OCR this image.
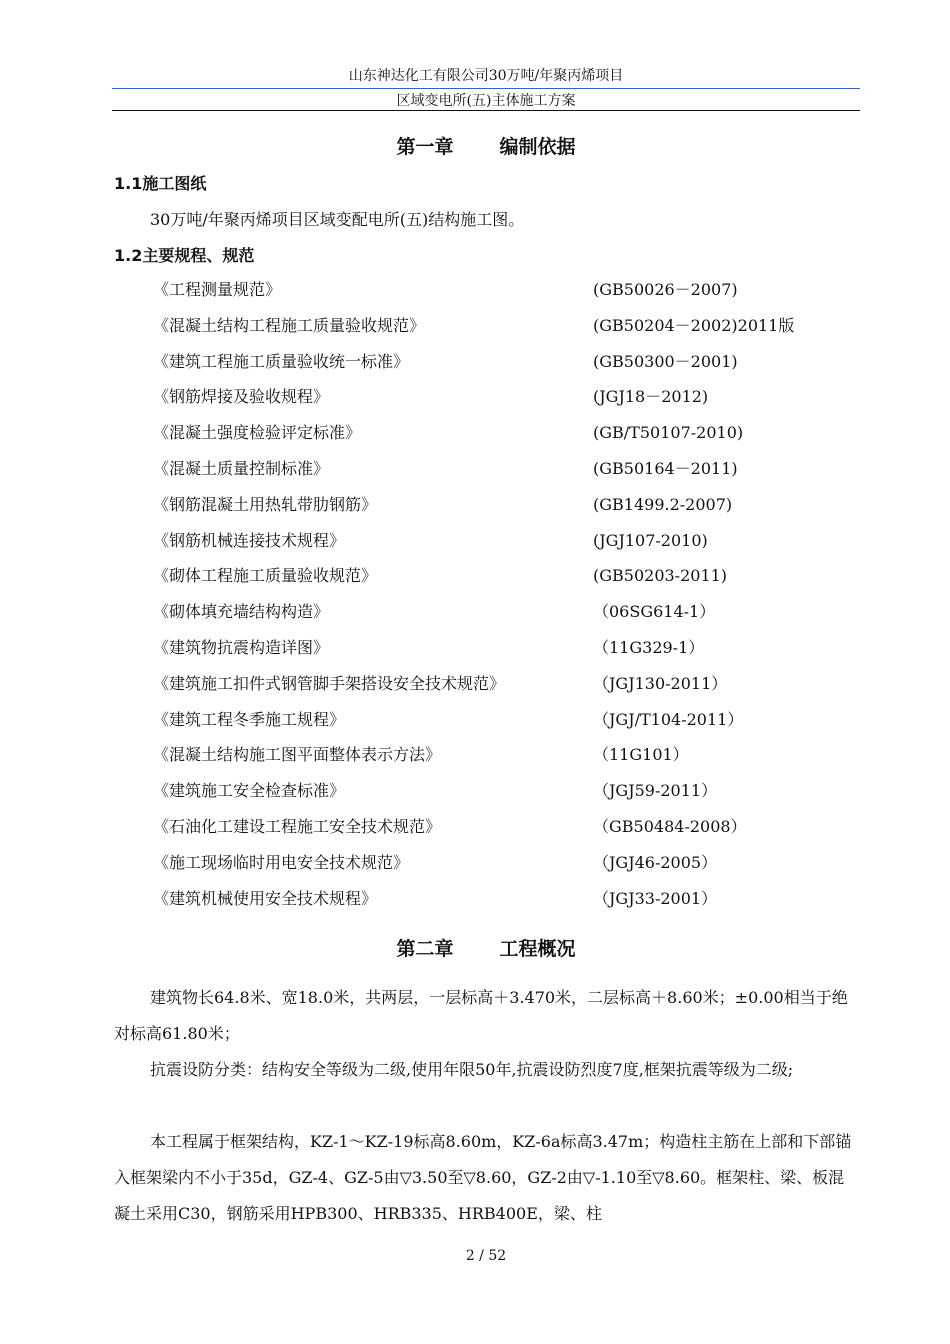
山东神达化工有限公司30万吨/年聚丙烯项目
区域变电所(五)主体施工方案
第一章 编制依据
1.1施工图纸
30万吨/年聚丙烯项目区域变配电所(五)结构施工图。
1.2主要规程、规范
《工程测量规范》	(GB50026－2007)
《混凝土结构工程施工质量验收规范》	(GB50204－2002)2011版
《建筑工程施工质量验收统一标准》	(GB50300－2001)
《钢筋焊接及验收规程》	(JGJ18－2012)
《混凝土强度检验评定标准》	(GB/T50107-2010)
《混凝土质量控制标准》	(GB50164－2011)
《钢筋混凝土用热轧带肋钢筋》	(GB1499.2-2007)
《钢筋机械连接技术规程》	(JGJ107-2010)
《砌体工程施工质量验收规范》	(GB50203-2011)
《砌体填充墙结构构造》	（06SG614-1）
《建筑物抗震构造详图》	（11G329-1）
《建筑施工扣件式钢管脚手架搭设安全技术规范》	（JGJ130-2011）
《建筑工程冬季施工规程》	（JGJ/T104-2011）
《混凝土结构施工图平面整体表示方法》	（11G101）
《建筑施工安全检查标准》	（JGJ59-2011）
《石油化工建设工程施工安全技术规范》	（GB50484-2008）
《施工现场临时用电安全技术规范》	（JGJ46-2005）
《建筑机械使用安全技术规程》	（JGJ33-2001）
第二章 工程概况
建筑物长64.8米、宽18.0米，共两层，一层标高＋3.470米，二层标高＋8.60米；±0.00相当于绝对标高61.80米；
抗震设防分类：结构安全等级为二级,使用年限50年,抗震设防烈度7度,框架抗震等级为二级;
本工程属于框架结构，KZ-1～KZ-19标高8.60m，KZ-6a标高3.47m；构造柱主筋在上部和下部锚入框架梁内不小于35d，GZ-4、GZ-5由▽3.50至▽8.60，GZ-2由▽-1.10至▽8.60。框架柱、梁、板混凝土采用C30，钢筋采用HPB300、HRB335、HRB400E，梁、柱
2 / 52
